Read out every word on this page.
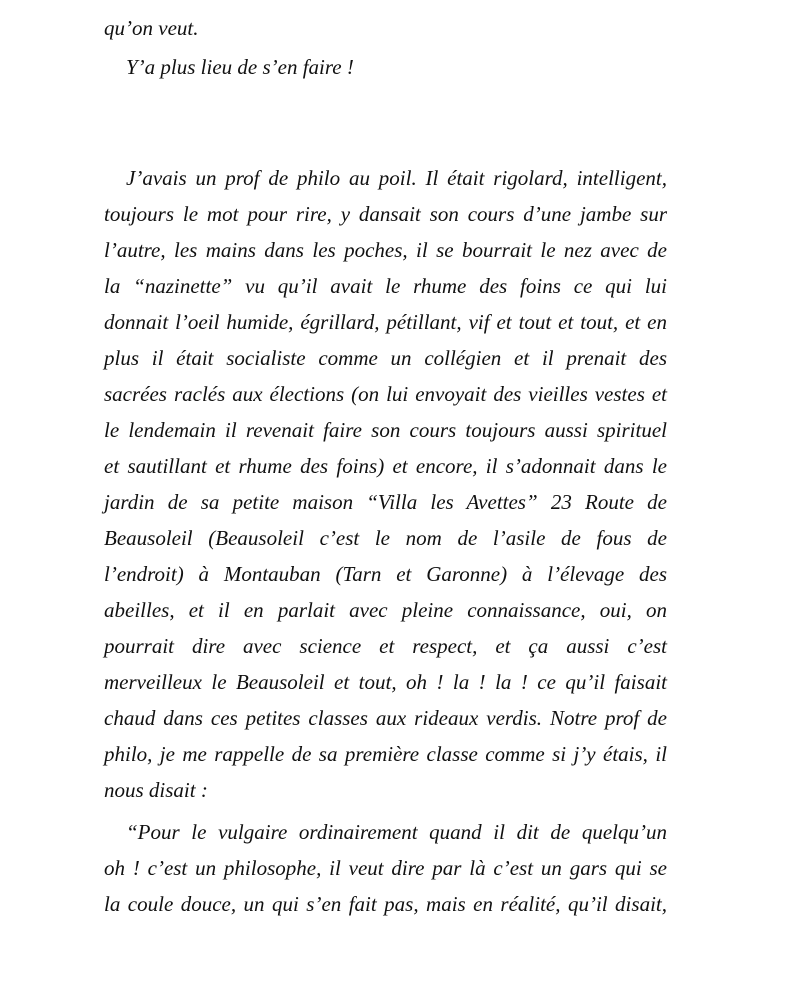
qu’on veut.
Y’a plus lieu de s’en faire !
J’avais un prof de philo au poil. Il était rigolard, intelligent,
toujours le mot pour rire, y dansait son cours d’une jambe sur
l’autre, les mains dans les poches, il se bourrait le nez avec de
la “nazinette” vu qu’il avait le rhume des foins ce qui lui
donnait l’oeil humide, égrillard, pétillant, vif et tout et tout, et en
plus il était socialiste comme un collégien et il prenait des
sacrées raclés aux élections (on lui envoyait des vieilles vestes et
le lendemain il revenait faire son cours toujours aussi spirituel
et sautillant et rhume des foins) et encore, il s’adonnait dans le
jardin de sa petite maison “Villa les Avettes” 23 Route de
Beausoleil (Beausoleil c’est le nom de l’asile de fous de
l’endroit) à Montauban (Tarn et Garonne) à l’élevage des
abeilles, et il en parlait avec pleine connaissance, oui, on
pourrait dire avec science et respect, et ça aussi c’est
merveilleux le Beausoleil et tout, oh ! la ! la ! ce qu’il faisait
chaud dans ces petites classes aux rideaux verdis. Notre prof de
philo, je me rappelle de sa première classe comme si j’y étais, il
nous disait :
“Pour le vulgaire ordinairement quand il dit de quelqu’un
oh ! c’est un philosophe, il veut dire par là c’est un gars qui se
la coule douce, un qui s’en fait pas, mais en réalité, qu’il disait,
